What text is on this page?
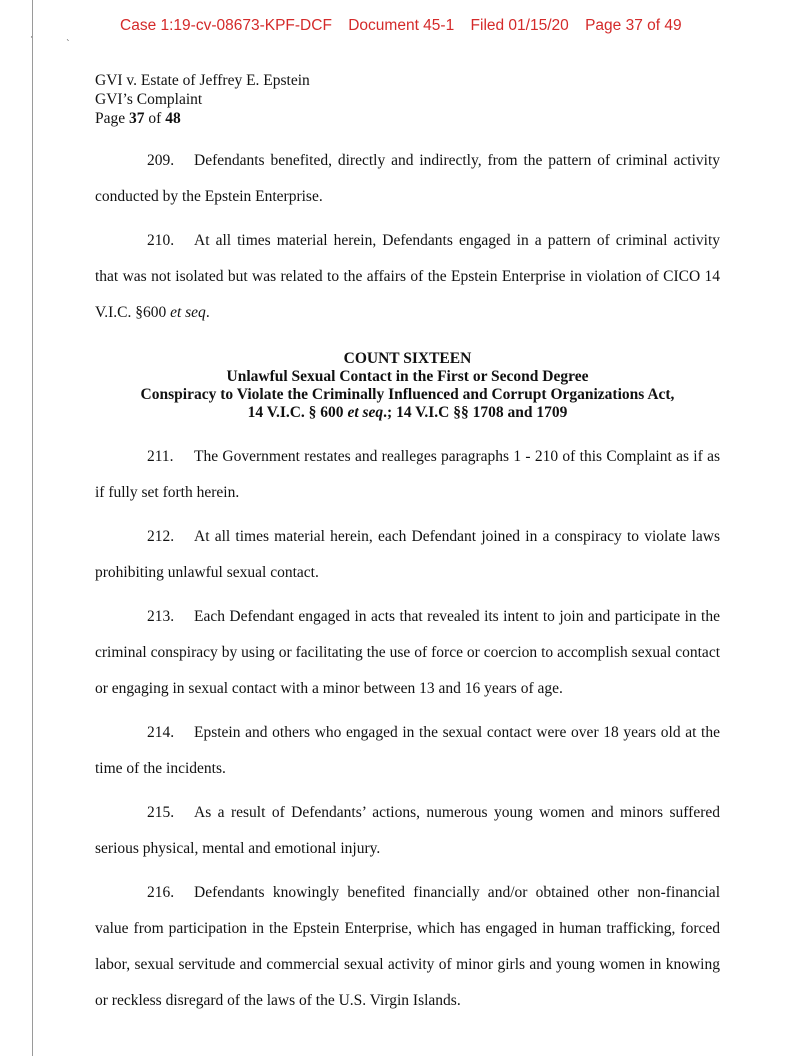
·	ˎ
Case 1:19-cv-08673-KPF-DCF Document 45-1 Filed 01/15/20 Page 37 of 49
GVI v. Estate of Jeffrey E. Epstein
GVI’s Complaint
Page 37 of 48

209. Defendants benefited, directly and indirectly, from the pattern of criminal activity conducted by the Epstein Enterprise.

210. At all times material herein, Defendants engaged in a pattern of criminal activity that was not isolated but was related to the affairs of the Epstein Enterprise in violation of CICO 14 V.I.C. §600 et seq.

COUNT SIXTEEN
Unlawful Sexual Contact in the First or Second Degree
Conspiracy to Violate the Criminally Influenced and Corrupt Organizations Act,
14 V.I.C. § 600 et seq.; 14 V.I.C §§ 1708 and 1709

211. The Government restates and realleges paragraphs 1 - 210 of this Complaint as if as if fully set forth herein.

212. At all times material herein, each Defendant joined in a conspiracy to violate laws prohibiting unlawful sexual contact.

213. Each Defendant engaged in acts that revealed its intent to join and participate in the criminal conspiracy by using or facilitating the use of force or coercion to accomplish sexual contact or engaging in sexual contact with a minor between 13 and 16 years of age.

214. Epstein and others who engaged in the sexual contact were over 18 years old at the time of the incidents.

215. As a result of Defendants’ actions, numerous young women and minors suffered serious physical, mental and emotional injury.

216. Defendants knowingly benefited financially and/or obtained other non-financial value from participation in the Epstein Enterprise, which has engaged in human trafficking, forced labor, sexual servitude and commercial sexual activity of minor girls and young women in knowing or reckless disregard of the laws of the U.S. Virgin Islands.
